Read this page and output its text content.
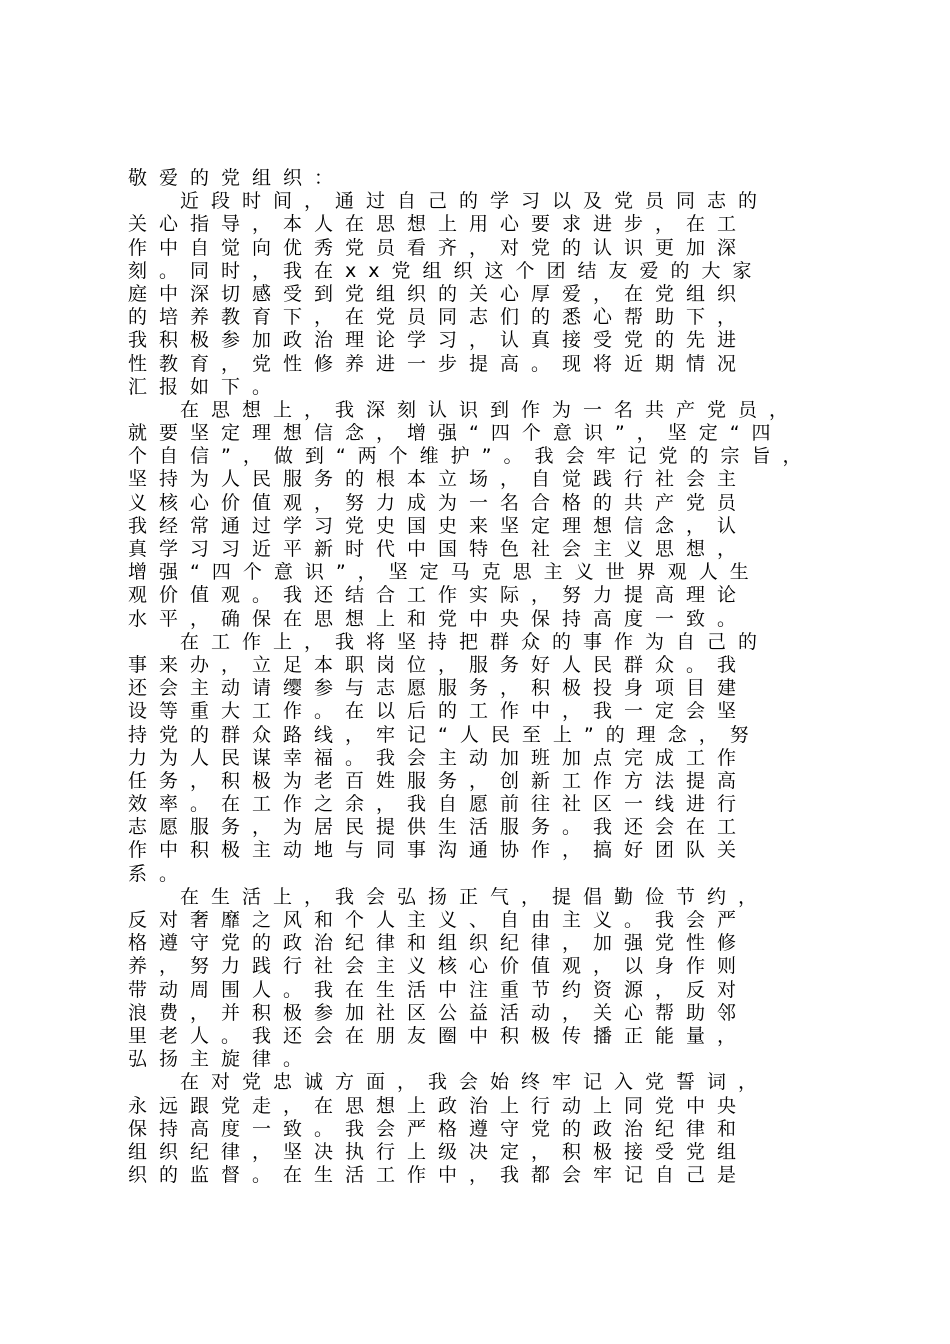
敬爱的党组织：
近段时间，通过自己的学习以及党员同志的
关心指导，本人在思想上用心要求进步，在工
作中自觉向优秀党员看齐，对党的认识更加深
刻。同时，我在xx党组织这个团结友爱的大家
庭中深切感受到党组织的关心厚爱，在党组织
的培养教育下，在党员同志们的悉心帮助下，
我积极参加政治理论学习，认真接受党的先进
性教育，党性修养进一步提高。现将近期情况
汇报如下。
在思想上，我深刻认识到作为一名共产党员，
就要坚定理想信念，增强“四个意识”，坚定“四
个自信”，做到“两个维护”。我会牢记党的宗旨，
坚持为人民服务的根本立场，自觉践行社会主
义核心价值观，努力成为一名合格的共产党员
我经常通过学习党史国史来坚定理想信念，认
真学习习近平新时代中国特色社会主义思想，
增强“四个意识”，坚定马克思主义世界观人生
观价值观。我还结合工作实际，努力提高理论
水平，确保在思想上和党中央保持高度一致。
在工作上，我将坚持把群众的事作为自己的
事来办，立足本职岗位，服务好人民群众。我
还会主动请缨参与志愿服务，积极投身项目建
设等重大工作。在以后的工作中，我一定会坚
持党的群众路线，牢记“人民至上”的理念，努
力为人民谋幸福。我会主动加班加点完成工作
任务，积极为老百姓服务，创新工作方法提高
效率。在工作之余，我自愿前往社区一线进行
志愿服务，为居民提供生活服务。我还会在工
作中积极主动地与同事沟通协作，搞好团队关
系。
在生活上，我会弘扬正气，提倡勤俭节约，
反对奢靡之风和个人主义、自由主义。我会严
格遵守党的政治纪律和组织纪律，加强党性修
养，努力践行社会主义核心价值观，以身作则
带动周围人。我在生活中注重节约资源，反对
浪费，并积极参加社区公益活动，关心帮助邻
里老人。我还会在朋友圈中积极传播正能量，
弘扬主旋律。
在对党忠诚方面，我会始终牢记入党誓词，
永远跟党走，在思想上政治上行动上同党中央
保持高度一致。我会严格遵守党的政治纪律和
组织纪律，坚决执行上级决定，积极接受党组
织的监督。在生活工作中，我都会牢记自己是
